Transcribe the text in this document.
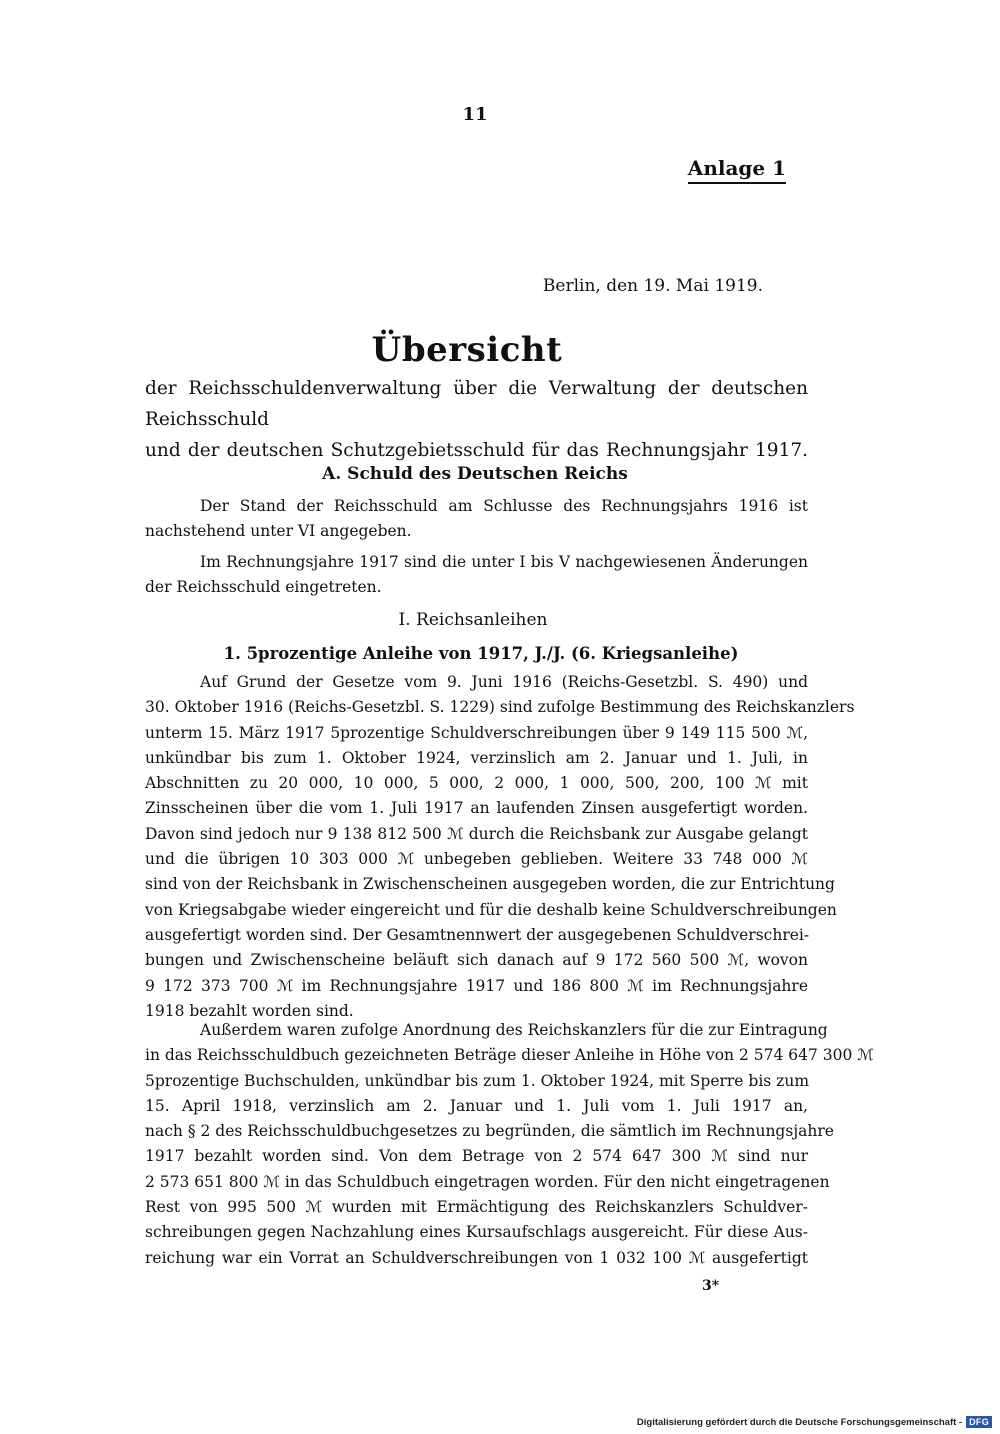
11
Anlage 1
Berlin, den 19. Mai 1919.
Übersicht
der Reichsschuldenverwaltung über die Verwaltung der deutschen Reichsschuld
und der deutschen Schutzgebietsschuld für das Rechnungsjahr 1917.
A. Schuld des Deutschen Reichs
Der Stand der Reichsschuld am Schlusse des Rechnungsjahrs 1916 ist
nachstehend unter VI angegeben.
Im Rechnungsjahre 1917 sind die unter I bis V nachgewiesenen Änderungen
der Reichsschuld eingetreten.
I. Reichsanleihen
1. 5prozentige Anleihe von 1917, J./J. (6. Kriegsanleihe)
Auf Grund der Gesetze vom 9. Juni 1916 (Reichs-Gesetzbl. S. 490) und
30. Oktober 1916 (Reichs-Gesetzbl. S. 1229) sind zufolge Bestimmung des Reichskanzlers
unterm 15. März 1917 5prozentige Schuldverschreibungen über 9 149 115 500 ℳ,
unkündbar bis zum 1. Oktober 1924, verzinslich am 2. Januar und 1. Juli, in
Abschnitten zu 20 000, 10 000, 5 000, 2 000, 1 000, 500, 200, 100 ℳ mit
Zinsscheinen über die vom 1. Juli 1917 an laufenden Zinsen ausgefertigt worden.
Davon sind jedoch nur 9 138 812 500 ℳ durch die Reichsbank zur Ausgabe gelangt
und die übrigen 10 303 000 ℳ unbegeben geblieben. Weitere 33 748 000 ℳ
sind von der Reichsbank in Zwischenscheinen ausgegeben worden, die zur Entrichtung
von Kriegsabgabe wieder eingereicht und für die deshalb keine Schuldverschreibungen
ausgefertigt worden sind. Der Gesamtnennwert der ausgegebenen Schuldverschrei-
bungen und Zwischenscheine beläuft sich danach auf 9 172 560 500 ℳ, wovon
9 172 373 700 ℳ im Rechnungsjahre 1917 und 186 800 ℳ im Rechnungsjahre
1918 bezahlt worden sind.
Außerdem waren zufolge Anordnung des Reichskanzlers für die zur Eintragung
in das Reichsschuldbuch gezeichneten Beträge dieser Anleihe in Höhe von 2 574 647 300 ℳ
5prozentige Buchschulden, unkündbar bis zum 1. Oktober 1924, mit Sperre bis zum
15. April 1918, verzinslich am 2. Januar und 1. Juli vom 1. Juli 1917 an,
nach § 2 des Reichsschuldbuchgesetzes zu begründen, die sämtlich im Rechnungsjahre
1917 bezahlt worden sind. Von dem Betrage von 2 574 647 300 ℳ sind nur
2 573 651 800 ℳ in das Schuldbuch eingetragen worden. Für den nicht eingetragenen
Rest von 995 500 ℳ wurden mit Ermächtigung des Reichskanzlers Schuldver-
schreibungen gegen Nachzahlung eines Kursaufschlags ausgereicht. Für diese Aus-
reichung war ein Vorrat an Schuldverschreibungen von 1 032 100 ℳ ausgefertigt
3*
Digitalisierung gefördert durch die Deutsche Forschungsgemeinschaft - DFG
